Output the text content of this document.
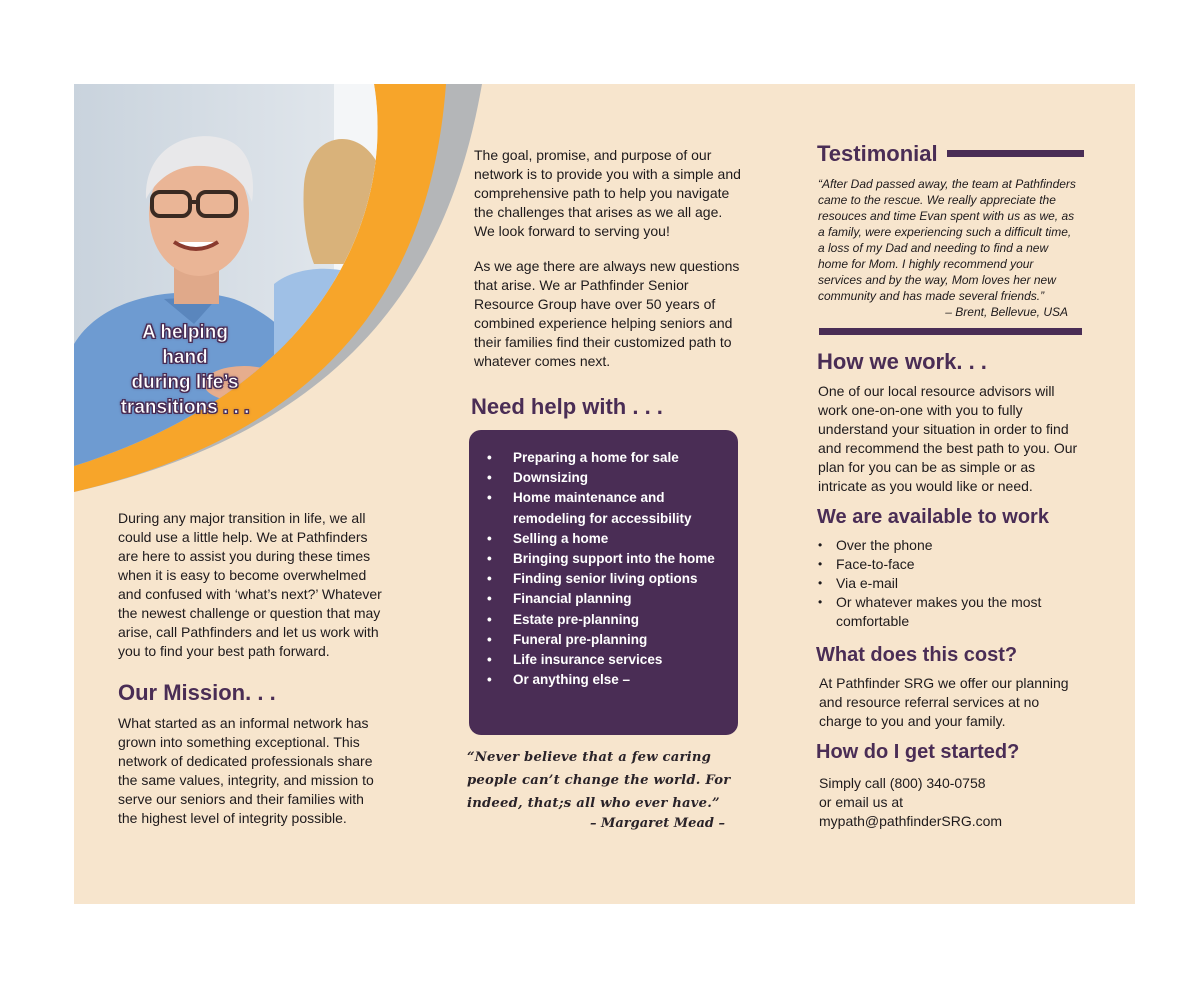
A helping
hand
during life’s
transitions . . .

During any major transition in life, we all could use a little help. We at Pathfinders are here to assist you during these times when it is easy to become overwhelmed and confused with ‘what’s next?’ Whatever the newest challenge or question that may arise, call Pathfinders and let us work with you to find your best path forward.

Our Mission. . .

What started as an informal network has grown into something exceptional. This network of dedicated professionals share the same values, integrity, and mission to serve our seniors and their families with the highest level of integrity possible.

The goal, promise, and purpose of our network is to provide you with a simple and comprehensive path to help you navigate the challenges that arises as we all age. We look forward to serving you!

As we age there are always new questions that arise. We ar Pathfinder Senior Resource Group have over 50 years of combined experience helping seniors and their families find their customized path to whatever comes next.

Need help with . . .
• Preparing a home for sale
• Downsizing
• Home maintenance and remodeling for accessibility
• Selling a home
• Bringing support into the home
• Finding senior living options
• Financial planning
• Estate pre-planning
• Funeral pre-planning
• Life insurance services
• Or anything else –
“Never believe that a few caring people can’t change the world. For indeed, that;s all who ever have.”
– Margaret Mead –
Testimonial

“After Dad passed away, the team at Pathfinders came to the rescue. We really appreciate the resouces and time Evan spent with us as we, as a family, were experiencing such a difficult time, a loss of my Dad and needing to find a new home for Mom. I highly recommend your services and by the way, Mom loves her new community and has made several friends.”

– Brent, Bellevue, USA
How we work. . .

One of our local resource advisors will work one-on-one with you to fully understand your situation in order to find and recommend the best path to you. Our plan for you can be as simple or as intricate as you would like or need.

We are available to work
• Over the phone
• Face-to-face
• Via e-mail
• Or whatever makes you the most comfortable
What does this cost?

At Pathfinder SRG we offer our planning and resource referral services at no charge to you and your family.

How do I get started?
Simply call (800) 340-0758
or email us at
mypath@pathfinderSRG.com
